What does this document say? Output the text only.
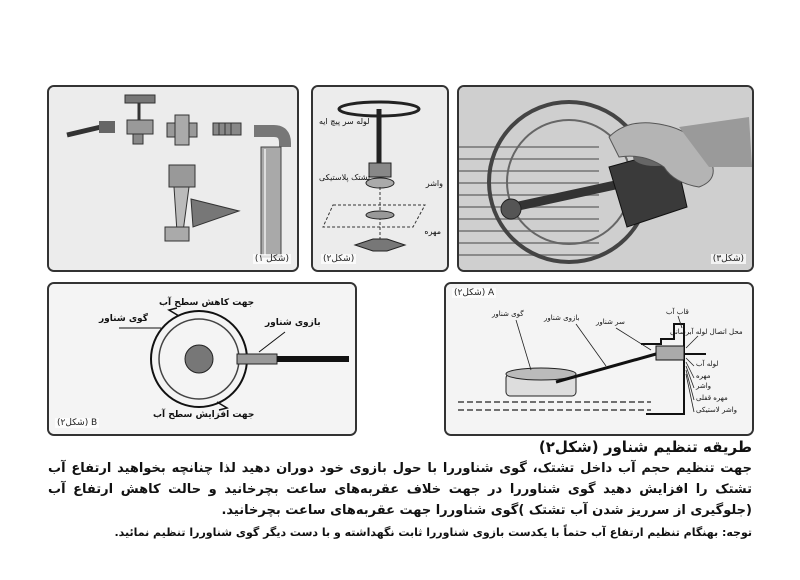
(شکل ۱)
لوله سر پیچ ایه
تشتک پلاستیکی
واشر
مهره
(شکل۲)	(شکل۳)
جهت کاهش سطح آب
گوی شناور	بازوی شناور
جهت افزایش سطح آب
(شکل۲) B
(شکل۲) A
گوی شناور	بازوی شناور سر شناور
قاب آب
محل اتصال لوله آبرسانی
لوله آب
مهره
واشر
مهره قفلی
واشر لاستیکی
طریقه تنظیم شناور (شکل۲)
جهت تنظیم حجم آب داخل تشتک، گوی شناوررا با حول بازوی خود دوران دهید لذا چنانچه بخواهید ارتفاع آب تشتک را افزایش دهید گوی شناوررا در جهت خلاف عقربه‌های ساعت بچرخانید و حالت کاهش ارتفاع آب (جلوگیری از سرریز شدن آب تشتک )گوی شناوررا جهت عقربه‌های ساعت بچرخانید.
توجه: بهنگام تنظیم ارتفاع آب حتماً با یکدست بازوی شناوررا ثابت نگهداشته و با دست دیگر گوی شناوررا تنظیم نمائید.
